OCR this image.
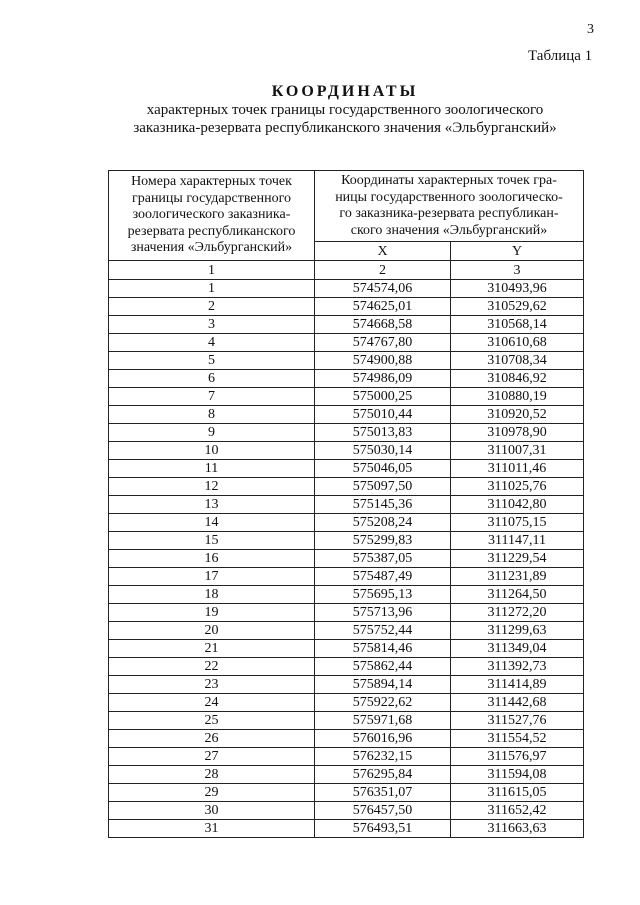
3
Таблица 1
КООРДИНАТЫ
характерных точек границы государственного зоологического
заказника-резервата республиканского значения «Эльбурганский»
Номера характерных точек
границы государственного
зоологического заказника-
резервата республиканского
значения «Эльбурганский»	Координаты характерных точек гра-
ницы государственного зоологическо-
го заказника-резервата республикан-
ского значения «Эльбурганский»	

	X	Y
1	2	3
1	574574,06	310493,96
2	574625,01	310529,62
3	574668,58	310568,14
4	574767,80	310610,68
5	574900,88	310708,34
6	574986,09	310846,92
7	575000,25	310880,19
8	575010,44	310920,52
9	575013,83	310978,90
10	575030,14	311007,31
11	575046,05	311011,46
12	575097,50	311025,76
13	575145,36	311042,80
14	575208,24	311075,15
15	575299,83	311147,11
16	575387,05	311229,54
17	575487,49	311231,89
18	575695,13	311264,50
19	575713,96	311272,20
20	575752,44	311299,63
21	575814,46	311349,04
22	575862,44	311392,73
23	575894,14	311414,89
24	575922,62	311442,68
25	575971,68	311527,76
26	576016,96	311554,52
27	576232,15	311576,97
28	576295,84	311594,08
29	576351,07	311615,05
30	576457,50	311652,42
31	576493,51	311663,63
